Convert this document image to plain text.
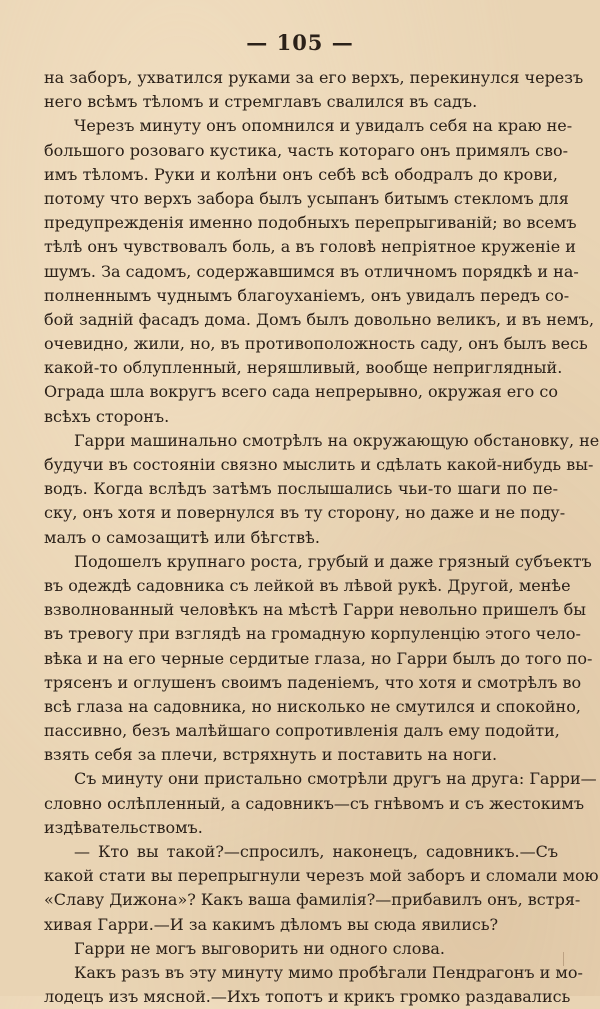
— 105 —
на заборъ, ухватился руками за его верхъ, перекинулся черезъ
него всѣмъ тѣломъ и стремглавъ свалился въ садъ.
Черезъ минуту онъ опомнился и увидалъ себя на краю не-
большого розоваго кустика, часть котораго онъ примялъ сво-
имъ тѣломъ. Руки и колѣни онъ себѣ всѣ ободралъ до крови,
потому что верхъ забора былъ усыпанъ битымъ стекломъ для
предупрежденія именно подобныхъ перепрыгиваній; во всемъ
тѣлѣ онъ чувствовалъ боль, а въ головѣ непріятное круженіе и
шумъ. За садомъ, содержавшимся въ отличномъ порядкѣ и на-
полненнымъ чуднымъ благоуханіемъ, онъ увидалъ передъ со-
бой заднiй фасадъ дома. Домъ былъ довольно великъ, и въ немъ,
очевидно, жили, но, въ противоположность саду, онъ былъ весь
какой-то облупленный, неряшливый, вообще неприглядный.
Ограда шла вокругъ всего сада непрерывно, окружая его со
всѣхъ сторонъ.
Гарри машинально смотрѣлъ на окружающую обстановку, не
будучи въ состояніи связно мыслить и сдѣлать какой-нибудь вы-
водъ. Когда вслѣдъ затѣмъ послышались чьи-то шаги по пе-
ску, онъ хотя и повернулся въ ту сторону, но даже и не поду-
малъ о самозащитѣ или бѣгствѣ.
Подошелъ крупнаго роста, грубый и даже грязный субъектъ
въ одеждѣ садовника съ лейкой въ лѣвой рукѣ. Другой, менѣе
взволнованный человѣкъ на мѣстѣ Гарри невольно пришелъ бы
въ тревогу при взглядѣ на громадную корпуленцію этого чело-
вѣка и на его черные сердитые глаза, но Гарри былъ до того по-
трясенъ и оглушенъ своимъ паденіемъ, что хотя и смотрѣлъ во
всѣ глаза на садовника, но нисколько не смутился и спокойно,
пассивно, безъ малѣйшаго сопротивленія далъ ему подойти,
взять себя за плечи, встряхнуть и поставить на ноги.
Съ минуту они пристально смотрѣли другъ на друга: Гарри—
словно ослѣпленный, а садовникъ—съ гнѣвомъ и съ жестокимъ
издѣвательствомъ.
— Кто вы такой?—спросилъ, наконецъ, садовникъ.—Съ
какой стати вы перепрыгнули черезъ мой заборъ и сломали мою
«Славу Дижона»? Какъ ваша фамилія?—прибавилъ онъ, встря-
хивая Гарри.—И за какимъ дѣломъ вы сюда явились?
Гарри не могъ выговорить ни одного слова.
Какъ разъ въ эту минуту мимо пробѣгали Пендрагонъ и мо-
лодецъ изъ мясной.—Ихъ топотъ и крикъ громко раздавались
